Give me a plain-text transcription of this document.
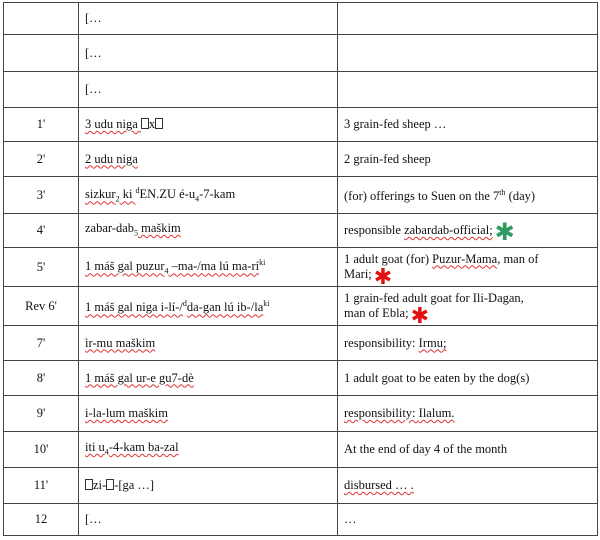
	[…	
	[…	
	[…	
1'	3 udu niga x	3 grain-fed sheep …
2'	2 udu niga	2 grain-fed sheep
3'	sizkur$_2$ ki $^d$EN.ZU $é-u_4-7$-kam	(for) offerings to Suen on the 7th (day)
4'	zabar-dab$_5$ maškim	responsible zabardab-official;✱
5'	1 máš gal puzur$_4$ –ma-/ma lú $ma-rí^{ki}$	1 adult goat (for) Puzur-Mama, man of
Mari;✱
Rev 6'	1 máš gal niga i-lí-/$^d$da-gan lú $ib-/la^{ki}$	1 grain-fed adult goat for Ili-Dagan,
man of Ebla;✱
7'	ìr-mu maškim	responsibility: Irmu;
8'	1 máš gal ur-e gu7-dè	1 adult goat to be eaten by the dog(s)
9'	i-la-lum maškim	responsibility: Ilalum.
10'	iti $u_4-4$-kam ba-zal	At the end of day 4 of the month
11'	zi- -[ga …]	disbursed … .
12	[…	…
